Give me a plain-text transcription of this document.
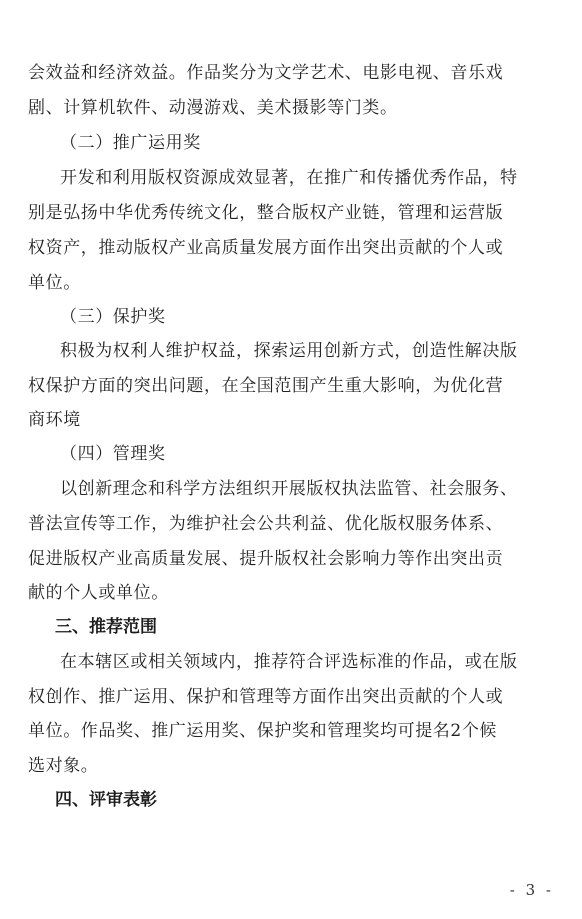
会效益和经济效益。作品奖分为文学艺术、电影电视、音乐戏
剧、计算机软件、动漫游戏、美术摄影等门类。
（二）推广运用奖
开发和利用版权资源成效显著，在推广和传播优秀作品，特
别是弘扬中华优秀传统文化，整合版权产业链，管理和运营版
权资产，推动版权产业高质量发展方面作出突出贡献的个人或
单位。
（三）保护奖
积极为权利人维护权益，探索运用创新方式，创造性解决版
权保护方面的突出问题，在全国范围产生重大影响，为优化营
商环境
（四）管理奖
以创新理念和科学方法组织开展版权执法监管、社会服务、
普法宣传等工作，为维护社会公共利益、优化版权服务体系、
促进版权产业高质量发展、提升版权社会影响力等作出突出贡
献的个人或单位。
三、推荐范围
在本辖区或相关领域内，推荐符合评选标准的作品，或在版
权创作、推广运用、保护和管理等方面作出突出贡献的个人或
单位。作品奖、推广运用奖、保护奖和管理奖均可提名2个候
选对象。
四、评审表彰
- 3 -
